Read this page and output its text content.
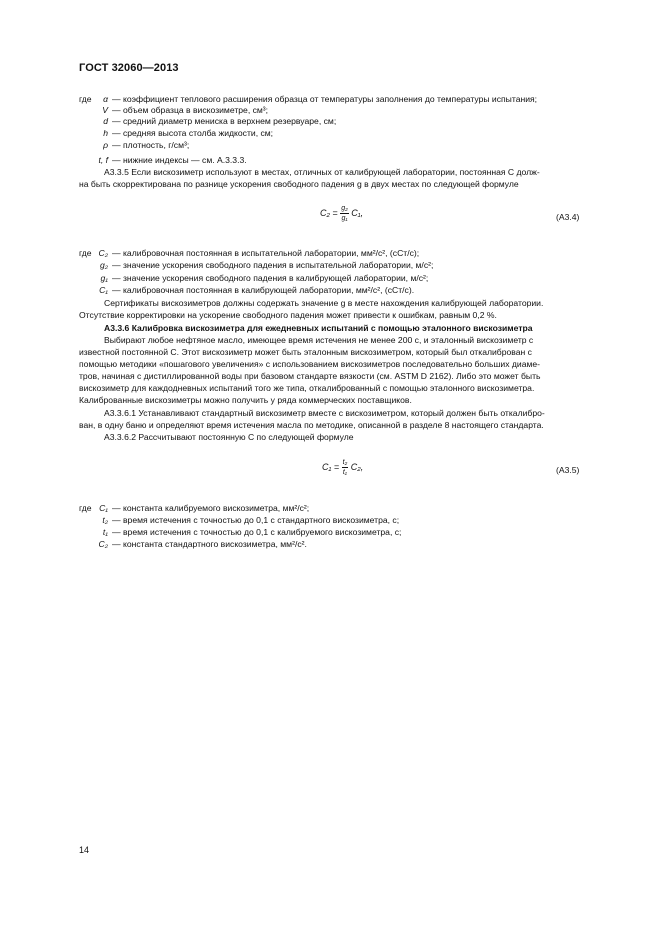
ГОСТ 32060—2013
где	α — коэффициент теплового расширения образца от температуры заполнения до температуры испытания;
V — объем образца в вискозиметре, см³;
d — средний диаметр мениска в верхнем резервуаре, см;
h — средняя высота столба жидкости, см;
ρ — плотность, г/см³;
t, f — нижние индексы — см. А.3.3.3.
А3.3.5 Если вискозиметр используют в местах, отличных от калибрующей лаборатории, постоянная C долж-
на быть скорректирована по разнице ускорения свободного падения g в двух местах по следующей формуле
$C_2 = \frac{\text{g₂}}{\text{g₁}} C_1$,	(А3.4)
где C₂ — калибровочная постоянная в испытательной лаборатории, мм²/с², (сСт/с);
g₂ — значение ускорения свободного падения в испытательной лаборатории, м/с²;
g₁ — значение ускорения свободного падения в калибрующей лаборатории, м/с²;
C₁ — калибровочная постоянная в калибрующей лаборатории, мм²/с², (сСт/с).
Сертификаты вискозиметров должны содержать значение g в месте нахождения калибрующей лаборатории.
Отсутствие корректировки на ускорение свободного падения может привести к ошибкам, равным 0,2 %.
А3.3.6 Калибровка вискозиметра для ежедневных испытаний с помощью эталонного вискозиметра
Выбирают любое нефтяное масло, имеющее время истечения не менее 200 с, и эталонный вискозиметр с
известной постоянной C. Этот вискозиметр может быть эталонным вискозиметром, который был откалиброван с
помощью методики «пошагового увеличения» с использованием вискозиметров последовательно больших диаме-
тров, начиная с дистиллированной воды при базовом стандарте вязкости (см. ASTM D 2162). Либо это может быть
вискозиметр для каждодневных испытаний того же типа, откалиброванный с помощью эталонного вискозиметра.
Калиброванные вискозиметры можно получить у ряда коммерческих поставщиков.
А3.3.6.1 Устанавливают стандартный вискозиметр вместе с вискозиметром, который должен быть откалибро-
ван, в одну баню и определяют время истечения масла по методике, описанной в разделе 8 настоящего стандарта.
А3.3.6.2 Рассчитывают постоянную C по следующей формуле
$C_1 = \frac{\text{t₂}}{\text{t₁}} C_2$,	(А3.5)
где C₁ — константа калибруемого вискозиметра, мм²/с²;
t₂ — время истечения с точностью до 0,1 с стандартного вискозиметра, с;
t₁ — время истечения с точностью до 0,1 с калибруемого вискозиметра, с;
C₂ — константа стандартного вискозиметра, мм²/с².
14
